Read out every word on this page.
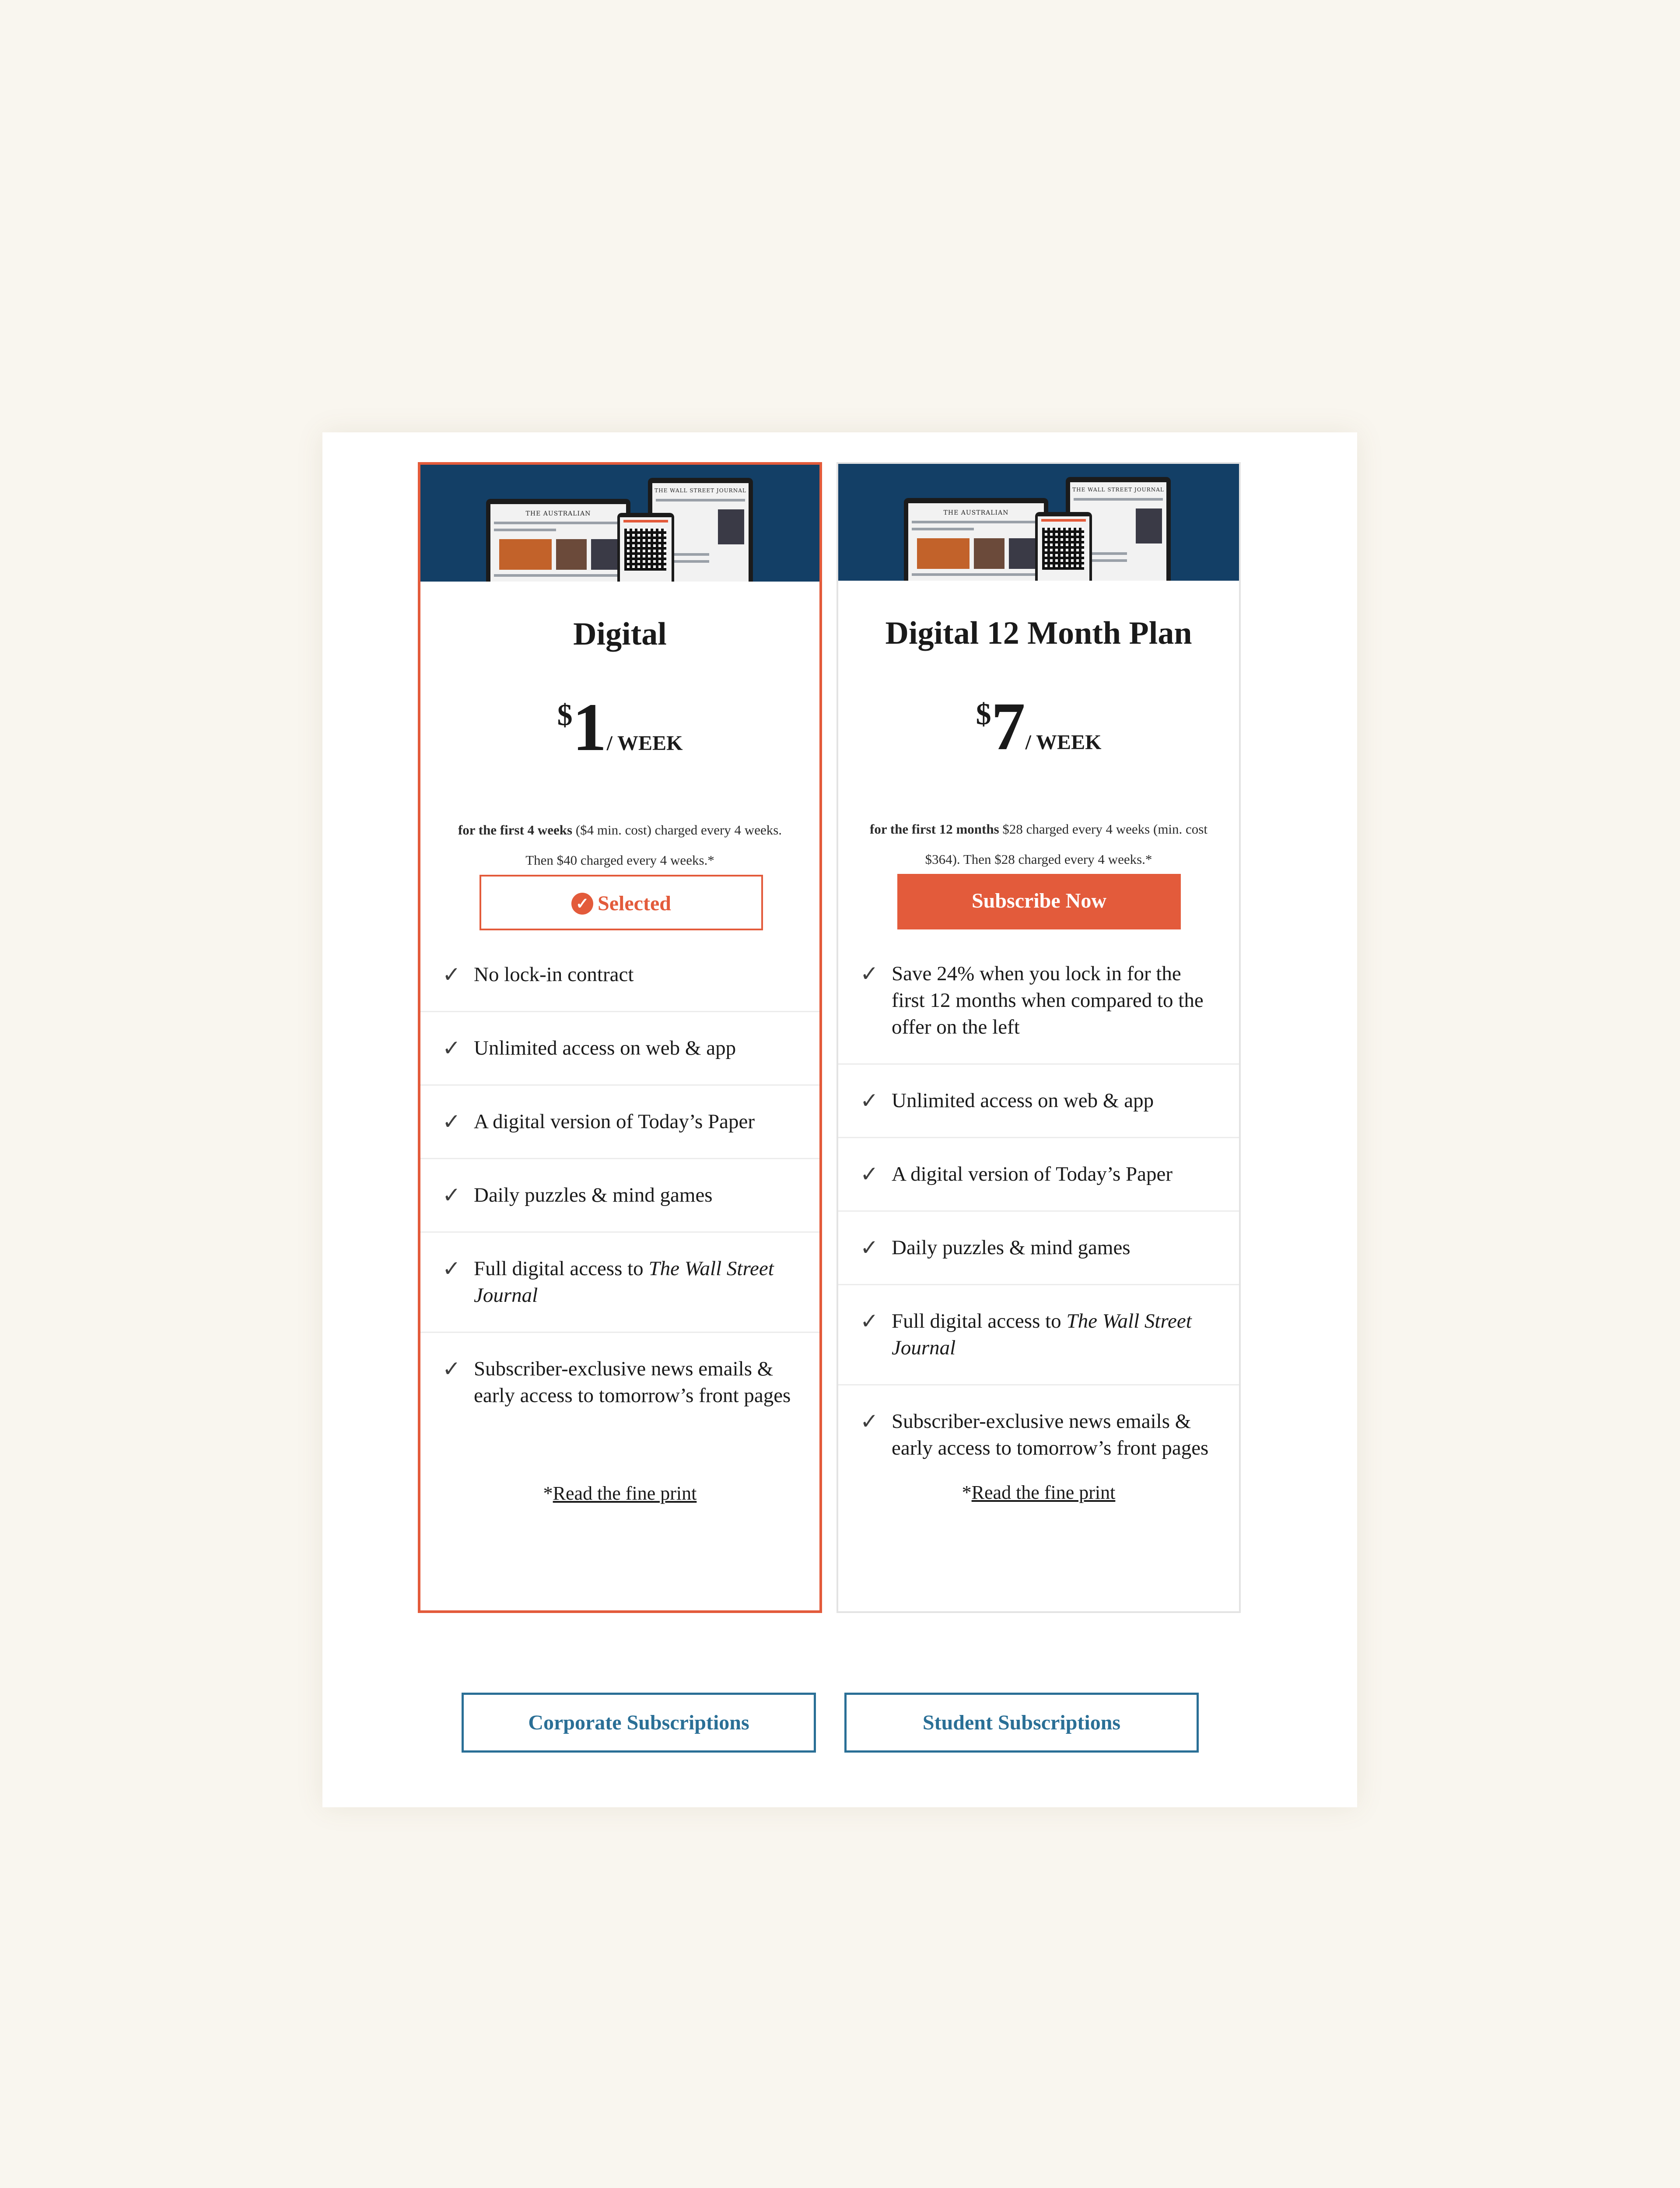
THE AUSTRALIAN
THE WALL STREET JOURNAL
Digital
$1/ WEEK
for the first 4 weeks ($4 min. cost) charged every 4 weeks.
Then $40 charged every 4 weeks.*
✓ Selected
✓ No lock-in contract
✓ Unlimited access on web & app
✓ A digital version of Today’s Paper
✓ Daily puzzles & mind games
✓ Full digital access to The Wall Street Journal
✓ Subscriber-exclusive news emails & early access to tomorrow’s front pages
*Read the fine print
THE AUSTRALIAN
THE WALL STREET JOURNAL
Digital 12 Month Plan
$7/ WEEK
for the first 12 months $28 charged every 4 weeks (min. cost
$364). Then $28 charged every 4 weeks.*
Subscribe Now
✓ Save 24% when you lock in for the first 12 months when compared to the offer on the left
✓ Unlimited access on web & app
✓ A digital version of Today’s Paper
✓ Daily puzzles & mind games
✓ Full digital access to The Wall Street Journal
✓ Subscriber-exclusive news emails & early access to tomorrow’s front pages
*Read the fine print
Corporate Subscriptions	Student Subscriptions
